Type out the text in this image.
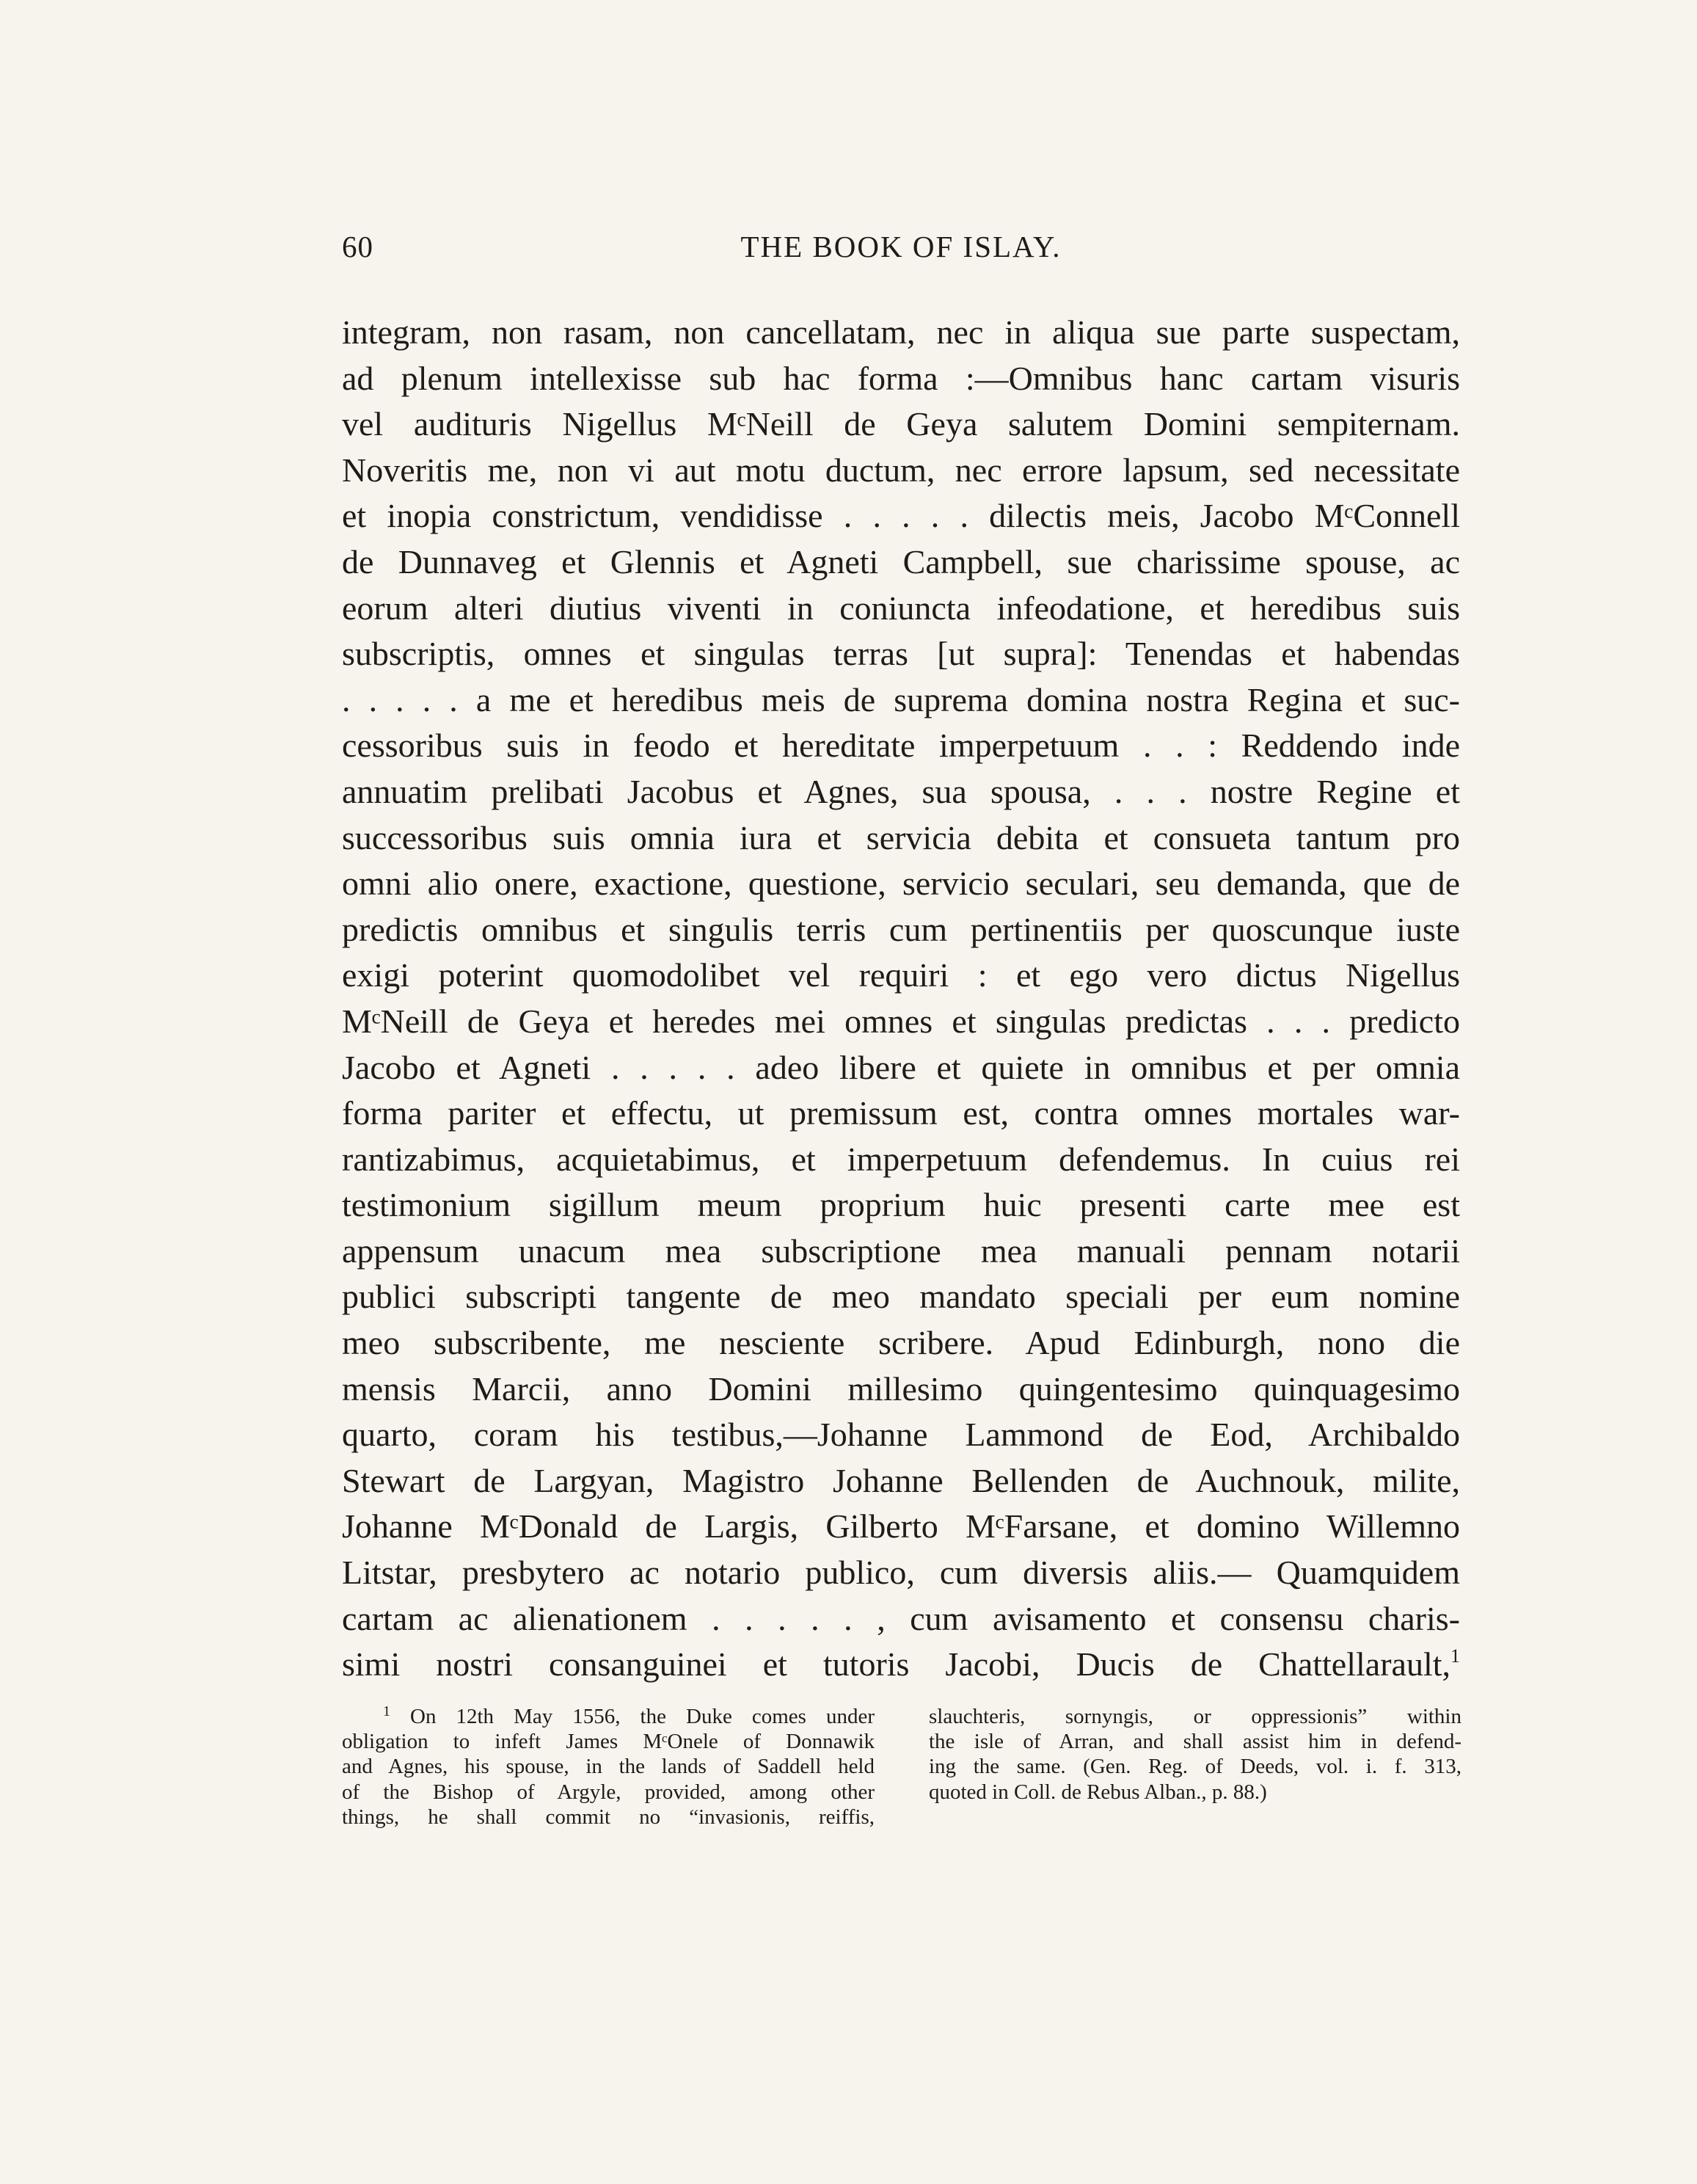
60	THE BOOK OF ISLAY.
integram, non rasam, non cancellatam, nec in aliqua sue parte suspectam,
ad plenum intellexisse sub hac forma :—Omnibus hanc cartam visuris
vel audituris Nigellus MᶜNeill de Geya salutem Domini sempiternam.
Noveritis me, non vi aut motu ductum, nec errore lapsum, sed necessitate
et inopia constrictum, vendidisse . . . . . dilectis meis, Jacobo MᶜConnell
de Dunnaveg et Glennis et Agneti Campbell, sue charissime spouse, ac
eorum alteri diutius viventi in coniuncta infeodatione, et heredibus suis
subscriptis, omnes et singulas terras [ut supra]: Tenendas et habendas
. . . . . a me et heredibus meis de suprema domina nostra Regina et suc-
cessoribus suis in feodo et hereditate imperpetuum . . : Reddendo inde
annuatim prelibati Jacobus et Agnes, sua spousa, . . . nostre Regine et
successoribus suis omnia iura et servicia debita et consueta tantum pro
omni alio onere, exactione, questione, servicio seculari, seu demanda, que de
predictis omnibus et singulis terris cum pertinentiis per quoscunque iuste
exigi poterint quomodolibet vel requiri : et ego vero dictus Nigellus
MᶜNeill de Geya et heredes mei omnes et singulas predictas . . . predicto
Jacobo et Agneti . . . . . adeo libere et quiete in omnibus et per omnia
forma pariter et effectu, ut premissum est, contra omnes mortales war-
rantizabimus, acquietabimus, et imperpetuum defendemus. In cuius rei
testimonium sigillum meum proprium huic presenti carte mee est
appensum unacum mea subscriptione mea manuali pennam notarii
publici subscripti tangente de meo mandato speciali per eum nomine
meo subscribente, me nesciente scribere. Apud Edinburgh, nono die
mensis Marcii, anno Domini millesimo quingentesimo quinquagesimo
quarto, coram his testibus,—Johanne Lammond de Eod, Archibaldo
Stewart de Largyan, Magistro Johanne Bellenden de Auchnouk, milite,
Johanne MᶜDonald de Largis, Gilberto MᶜFarsane, et domino Willemno
Litstar, presbytero ac notario publico, cum diversis aliis.— Quamquidem
cartam ac alienationem . . . . . , cum avisamento et consensu charis-
simi nostri consanguinei et tutoris Jacobi, Ducis de Chattellarault,$^1$
$^1$ On 12th May 1556, the Duke comes under
obligation to infeft James MᶜOnele of Donnawik
and Agnes, his spouse, in the lands of Saddell held
of the Bishop of Argyle, provided, among other
things, he shall commit no “invasionis, reiffis,
slauchteris, sornyngis, or oppressionis” within
the isle of Arran, and shall assist him in defend-
ing the same. (Gen. Reg. of Deeds, vol. i. f. 313,
quoted in Coll. de Rebus Alban., p. 88.)
